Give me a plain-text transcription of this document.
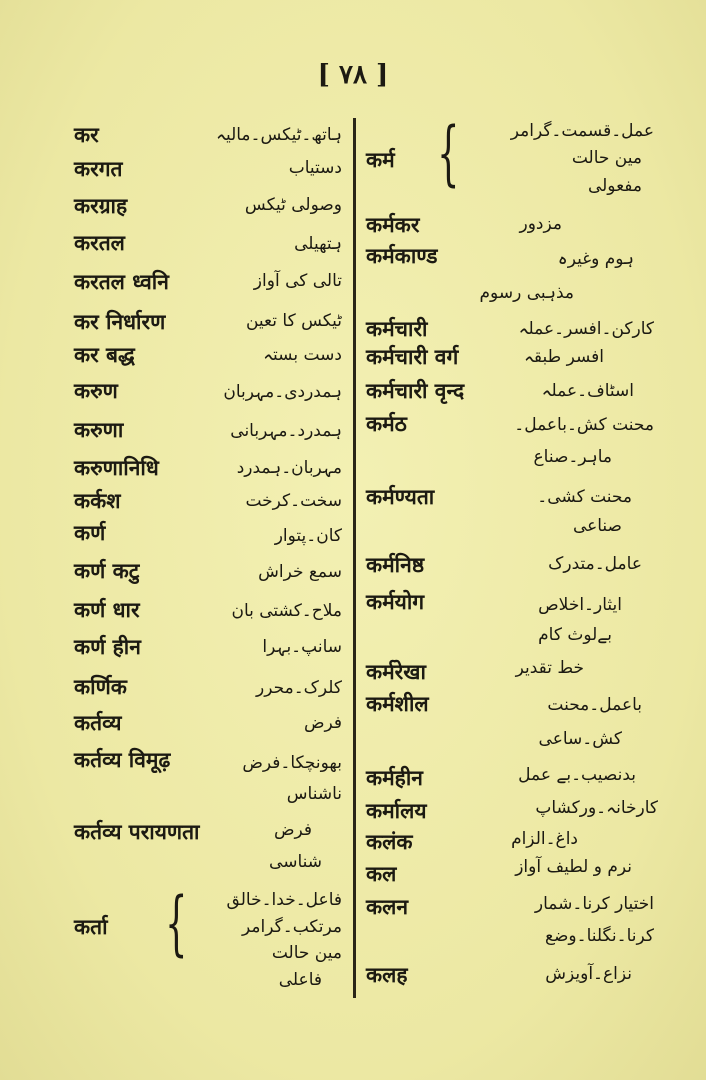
[ ۷۸ ]
कर	ہاتھ۔ٹیکس۔مالیہ
करगत	دستیاب
करग्राह	وصولی ٹیکس
करतल	ہتھیلی
करतल ध्वनि	تالی کی آواز
कर निर्धारण	ٹیکس کا تعین
कर बद्ध	دست بستہ
करुण	ہمدردی۔مہربان
करुणा	ہمدرد۔مہربانی
करुणानिधि	مہربان۔ہمدرد
कर्कश	سخت۔کرخت
कर्ण	کان۔پتوار
कर्ण कटु	سمع خراش
कर्ण धार	ملاح۔کشتی بان
कर्ण हीन	سانپ۔بہرا
कर्णिक	کلرک۔محرر
कर्तव्य	فرض
कर्तव्य विमूढ़	بھونچکا۔فرض
ناشناس
कर्तव्य परायणता	فرض
شناسی
कर्ता { فاعل۔خدا۔خالق
مرتکب۔گرامر
مین حالت
فاعلی
कर्म {	عمل۔قسمت۔گرامر
مین حالت
مفعولی
कर्मकर	مزدور
कर्मकाण्ड	ہوم وغیرہ
مذہبی رسوم
कर्मचारी	کارکن۔افسر۔عملہ
कर्मचारी वर्ग	افسر طبقہ
कर्मचारी वृन्द	اسٹاف۔عملہ
कर्मठ	محنت کش۔باعمل۔
ماہر۔صناع
कर्मण्यता	محنت کشی۔
صناعی
कर्मनिष्ठ	عامل۔متدرک
कर्मयोग	ایثار۔اخلاص
بےلوث کام
कर्मरेखा	خط تقدیر
कर्मशील	باعمل۔محنت
کش۔ساعی
कर्महीन	بدنصیب۔بے عمل
कर्मालय	کارخانہ۔ورکشاپ
कलंक	داغ۔الزام
कल	نرم و لطیف آواز
कलन	اختیار کرنا۔شمار
کرنا۔نگلنا۔وضع
कलह	نزاع۔آویزش
